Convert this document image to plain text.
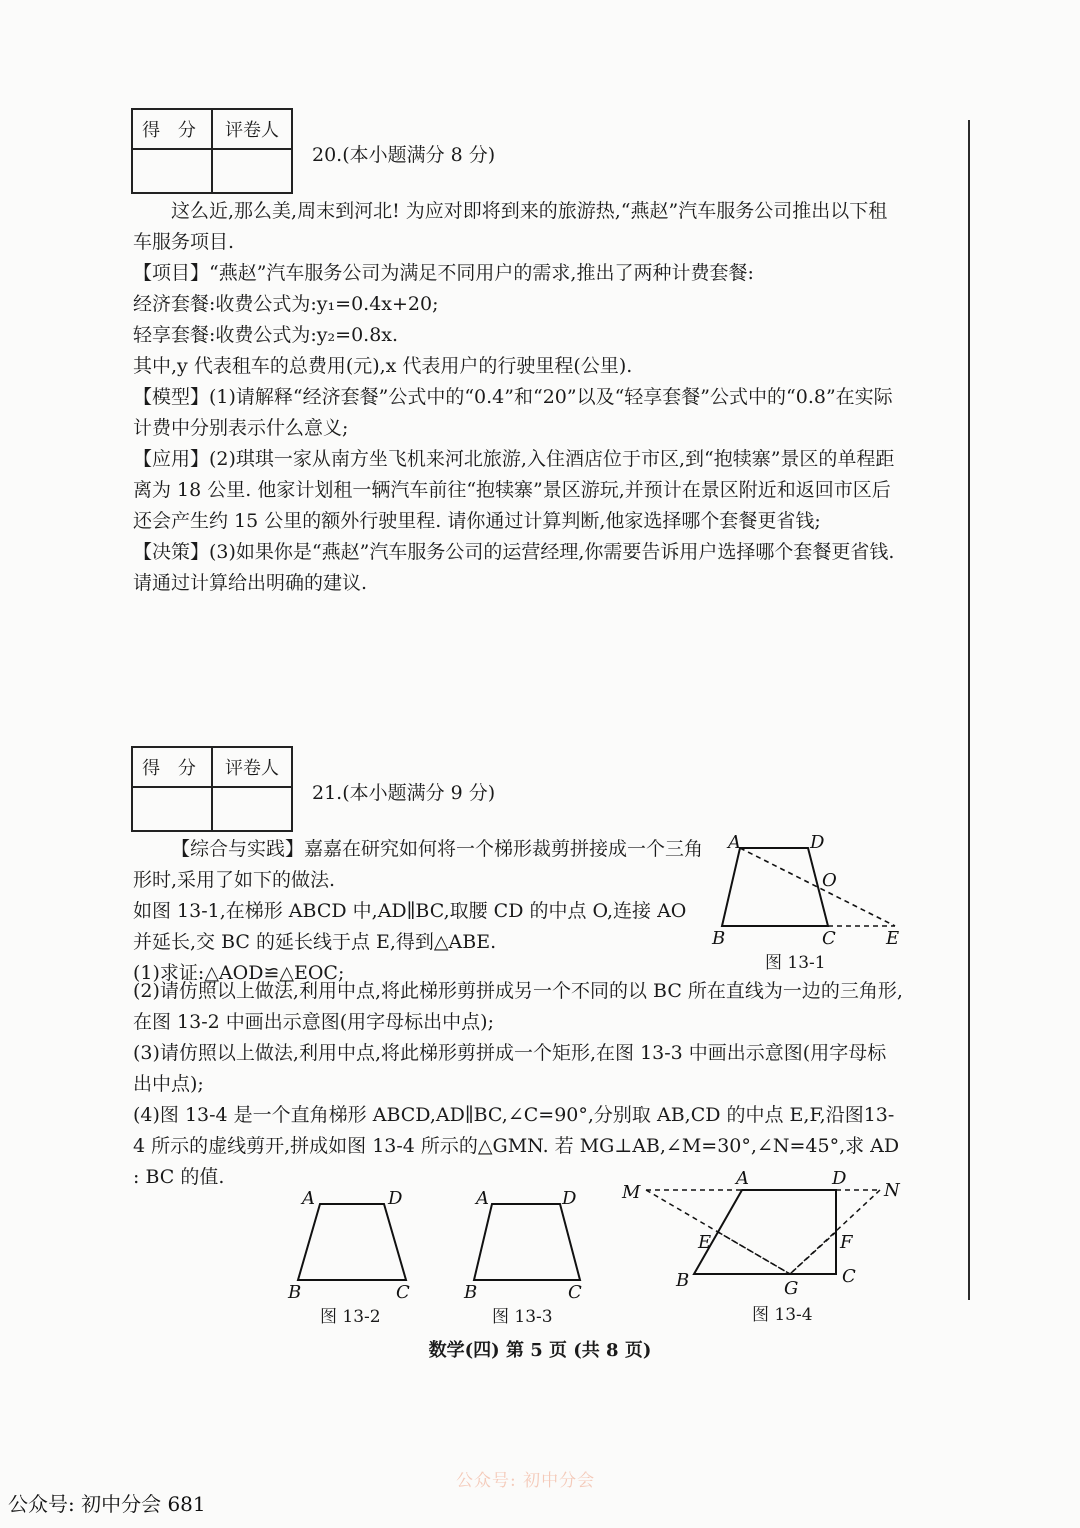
得 分	评卷人

20.(本小题满分 8 分)

这么近,那么美,周末到河北! 为应对即将到来的旅游热,“燕赵”汽车服务公司推出以下租车服务项目.

【项目】“燕赵”汽车服务公司为满足不同用户的需求,推出了两种计费套餐:

经济套餐:收费公式为:y₁=0.4x+20;

轻享套餐:收费公式为:y₂=0.8x.

其中,y 代表租车的总费用(元),x 代表用户的行驶里程(公里).

【模型】(1)请解释“经济套餐”公式中的“0.4”和“20”以及“轻享套餐”公式中的“0.8”在实际计费中分别表示什么意义;

【应用】(2)琪琪一家从南方坐飞机来河北旅游,入住酒店位于市区,到“抱犊寨”景区的单程距离为 18 公里. 他家计划租一辆汽车前往“抱犊寨”景区游玩,并预计在景区附近和返回市区后还会产生约 15 公里的额外行驶里程. 请你通过计算判断,他家选择哪个套餐更省钱;

【决策】(3)如果你是“燕赵”汽车服务公司的运营经理,你需要告诉用户选择哪个套餐更省钱. 请通过计算给出明确的建议.

得 分	评卷人

21.(本小题满分 9 分)

【综合与实践】嘉嘉在研究如何将一个梯形裁剪拼接成一个三角形时,采用了如下的做法.

如图 13-1,在梯形 ABCD 中,AD∥BC,取腰 CD 的中点 O,连接 AO 并延长,交 BC 的延长线于点 E,得到△ABE.

(1)求证:△AOD≌△EOC;

(2)请仿照以上做法,利用中点,将此梯形剪拼成另一个不同的以 BC 所在直线为一边的三角形,在图 13-2 中画出示意图(用字母标出中点);

(3)请仿照以上做法,利用中点,将此梯形剪拼成一个矩形,在图 13-3 中画出示意图(用字母标出中点);

(4)图 13-4 是一个直角梯形 ABCD,AD∥BC,∠C=90°,分别取 AB,CD 的中点 E,F,沿图13-4 所示的虚线剪开,拼成如图 13-4 所示的△GMN. 若 MG⊥AB,∠M=30°,∠N=45°,求 AD : BC 的值.

A	D
O
B	C	E
图 13-1
A	D
B	C
图 13-2
A	D
B	C
图 13-3
M
A	D
N
E	F
B	G
C
图 13-4
数学(四) 第 5 页 (共 8 页)
公众号: 初中分会
公众号: 初中分会 681
